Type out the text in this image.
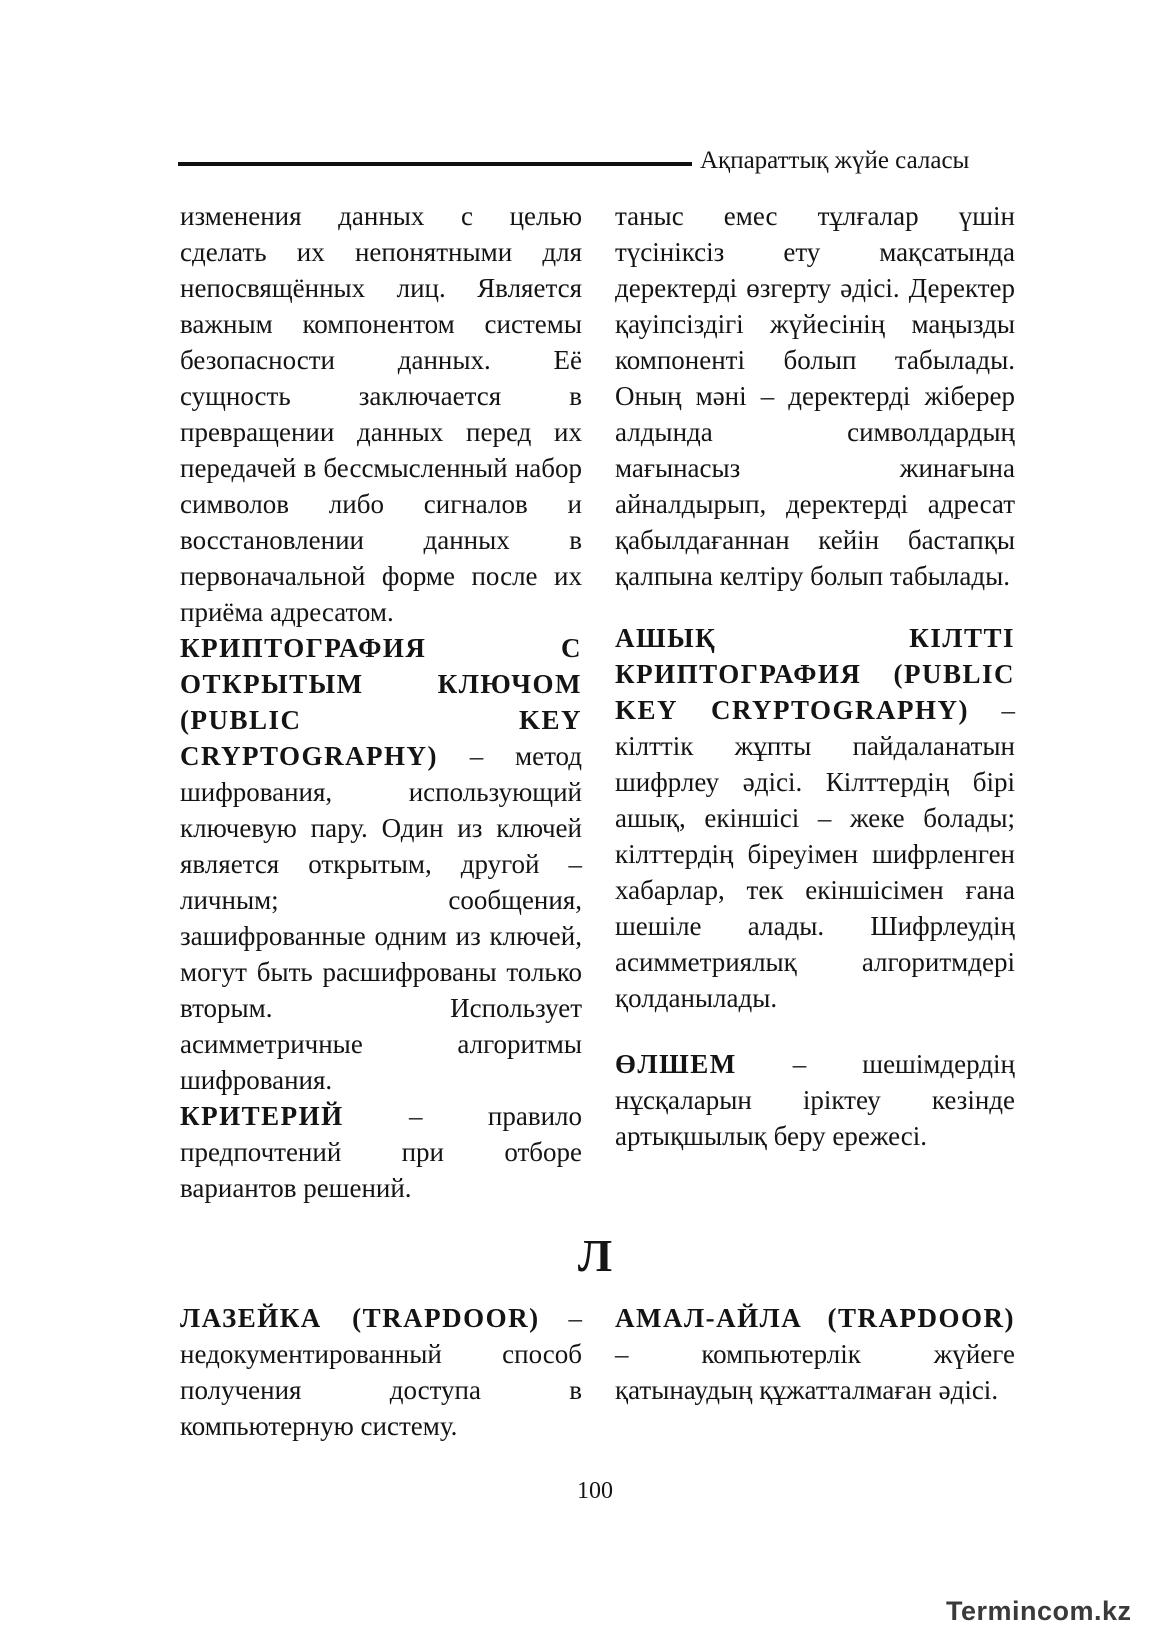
Ақпараттық жүйе саласы

изменения данных с целью сделать их непонятными для непосвящённых лиц. Является важным компонентом системы безопасности данных. Её сущность заключается в превращении данных перед их передачей в бессмысленный набор символов либо сигналов и восстановлении данных в первоначальной форме после их приёма адресатом.

КРИПТОГРАФИЯ С ОТКРЫТЫМ КЛЮЧОМ (PUBLIC KEY CRYPTOGRAPHY) – метод шифрования, использующий ключевую пару. Один из ключей является открытым, другой – личным; сообщения, зашифрованные одним из ключей, могут быть расшифрованы только вторым. Использует асимметричные алгоритмы шифрования.

КРИТЕРИЙ – правило предпочтений при отборе вариантов решений.

таныс емес тұлғалар үшін түсініксіз ету мақсатында деректерді өзгерту әдісі. Деректер қауіпсіздігі жүйесінің маңызды компоненті болып табылады. Оның мәні – деректерді жіберер алдында символдардың мағынасыз жинағына айналдырып, деректерді адресат қабылдағаннан кейін бастапқы қалпына келтіру болып табылады.

АШЫҚ КІЛТТІ КРИПТОГРАФИЯ (PUBLIC KEY CRYPTOGRAPHY) – кілттік жұпты пайдаланатын шифрлеу әдісі. Кілттердің бірі ашық, екіншісі – жеке болады; кілттердің біреуімен шифрленген хабарлар, тек екіншісімен ғана шешіле алады. Шифрлеудің асимметриялық алгоритмдері қолданылады.

ӨЛШЕМ – шешімдердің нұсқаларын іріктеу кезінде артықшылық беру ережесі.

Л

ЛАЗЕЙКА (TRAPDOOR) – недокументированный способ получения доступа в компьютерную систему.

АМАЛ-АЙЛА (TRAPDOOR) – компьютерлік жүйеге қатынаудың құжатталмаған әдісі.

100
Termincom.kz
